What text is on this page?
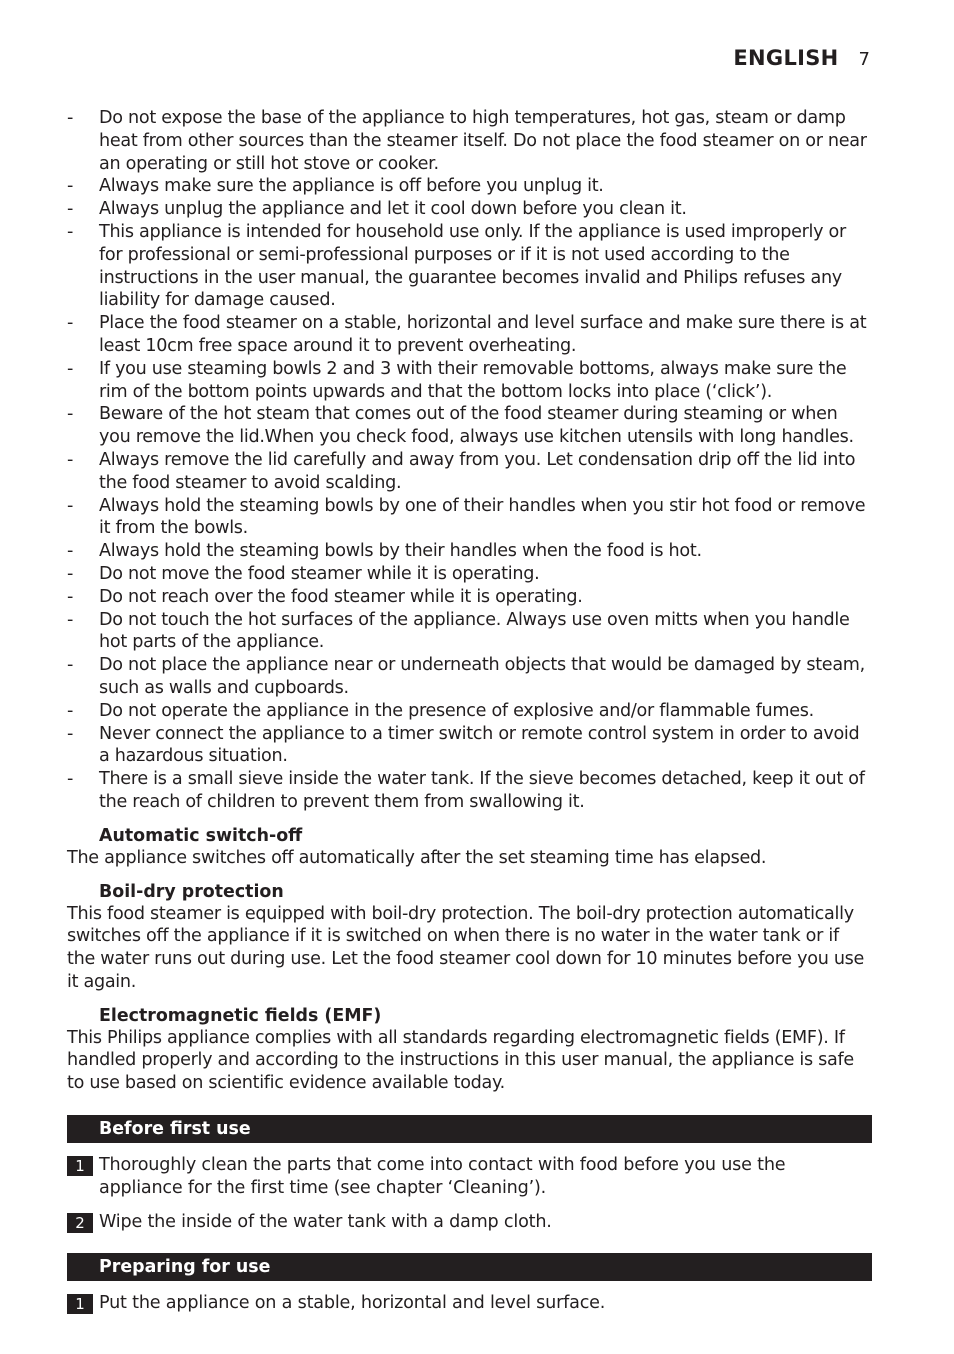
ENGLISH 7
- Do not expose the base of the appliance to high temperatures, hot gas, steam or damp heat from other sources than the steamer itself. Do not place the food steamer on or near an operating or still hot stove or cooker.
- Always make sure the appliance is off before you unplug it.
- Always unplug the appliance and let it cool down before you clean it.
- This appliance is intended for household use only. If the appliance is used improperly or for professional or semi-professional purposes or if it is not used according to the instructions in the user manual, the guarantee becomes invalid and Philips refuses any liability for damage caused.
- Place the food steamer on a stable, horizontal and level surface and make sure there is at least 10cm free space around it to prevent overheating.
- If you use steaming bowls 2 and 3 with their removable bottoms, always make sure the rim of the bottom points upwards and that the bottom locks into place (‘click’).
- Beware of the hot steam that comes out of the food steamer during steaming or when you remove the lid.When you check food, always use kitchen utensils with long handles.
- Always remove the lid carefully and away from you. Let condensation drip off the lid into the food steamer to avoid scalding.
- Always hold the steaming bowls by one of their handles when you stir hot food or remove it from the bowls.
- Always hold the steaming bowls by their handles when the food is hot.
- Do not move the food steamer while it is operating.
- Do not reach over the food steamer while it is operating.
- Do not touch the hot surfaces of the appliance. Always use oven mitts when you handle hot parts of the appliance.
- Do not place the appliance near or underneath objects that would be damaged by steam, such as walls and cupboards.
- Do not operate the appliance in the presence of explosive and/or flammable fumes.
- Never connect the appliance to a timer switch or remote control system in order to avoid a hazardous situation.
- There is a small sieve inside the water tank. If the sieve becomes detached, keep it out of the reach of children to prevent them from swallowing it.
Automatic switch-off

The appliance switches off automatically after the set steaming time has elapsed.

Boil-dry protection

This food steamer is equipped with boil-dry protection. The boil-dry protection automatically switches off the appliance if it is switched on when there is no water in the water tank or if the water runs out during use. Let the food steamer cool down for 10 minutes before you use it again.

Electromagnetic fields (EMF)

This Philips appliance complies with all standards regarding electromagnetic fields (EMF). If handled properly and according to the instructions in this user manual, the appliance is safe to use based on scientific evidence available today.

Before first use
1 Thoroughly clean the parts that come into contact with food before you use the appliance for the first time (see chapter ‘Cleaning’).
2 Wipe the inside of the water tank with a damp cloth.
Preparing for use
1 Put the appliance on a stable, horizontal and level surface.
